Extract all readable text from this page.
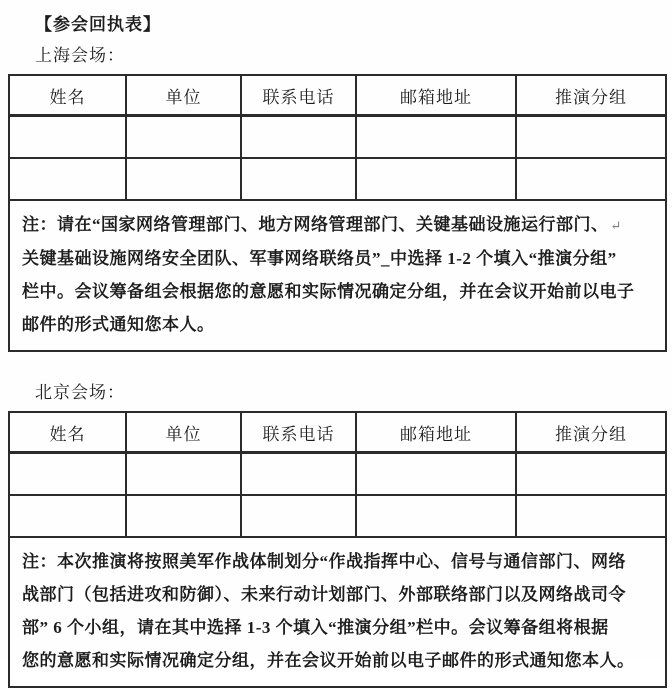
【参会回执表】
上海会场：
姓名	单位	联系电话	邮箱地址	推演分组

注：请在“国家网络管理部门、地方网络管理部门、关键基础设施运行部门、 ↵
关键基础设施网络安全团队、军事网络联络员”_中选择 1-2 个填入“推演分组”
栏中。会议筹备组会根据您的意愿和实际情况确定分组，并在会议开始前以电子
邮件的形式通知您本人。				
北京会场：
姓名	单位	联系电话	邮箱地址	推演分组

注：本次推演将按照美军作战体制划分“作战指挥中心、信号与通信部门、网络
战部门（包括进攻和防御）、未来行动计划部门、外部联络部门以及网络战司令
部” 6 个小组，请在其中选择 1-3 个填入“推演分组”栏中。会议筹备组将根据
您的意愿和实际情况确定分组，并在会议开始前以电子邮件的形式通知您本人。				
